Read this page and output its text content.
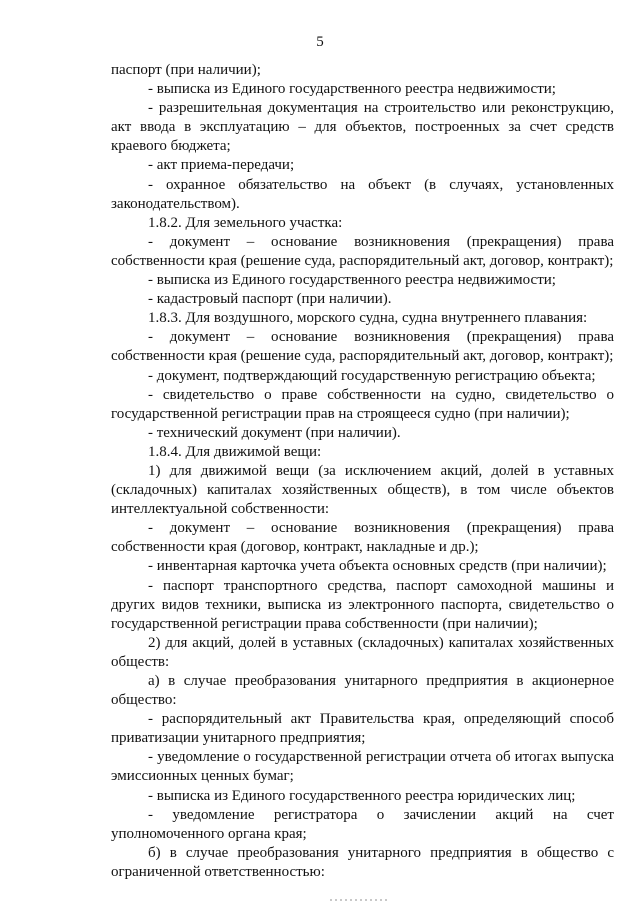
5

паспорт (при наличии);

- выписка из Единого государственного реестра недвижимости;

- разрешительная документация на строительство или реконструкцию, акт ввода в эксплуатацию – для объектов, построенных за счет средств краевого бюджета;

- акт приема-передачи;

- охранное обязательство на объект (в случаях, установленных законодательством).

1.8.2. Для земельного участка:

- документ – основание возникновения (прекращения) права собственности края (решение суда, распорядительный акт, договор, контракт);

- выписка из Единого государственного реестра недвижимости;

- кадастровый паспорт (при наличии).

1.8.3. Для воздушного, морского судна, судна внутреннего плавания:

- документ – основание возникновения (прекращения) права собственности края (решение суда, распорядительный акт, договор, контракт);

- документ, подтверждающий государственную регистрацию объекта;

- свидетельство о праве собственности на судно, свидетельство о государственной регистрации прав на строящееся судно (при наличии);

- технический документ (при наличии).

1.8.4. Для движимой вещи:

1) для движимой вещи (за исключением акций, долей в уставных (складочных) капиталах хозяйственных обществ), в том числе объектов интеллектуальной собственности:

- документ – основание возникновения (прекращения) права собственности края (договор, контракт, накладные и др.);

- инвентарная карточка учета объекта основных средств (при наличии);

- паспорт транспортного средства, паспорт самоходной машины и других видов техники, выписка из электронного паспорта, свидетельство о государственной регистрации права собственности (при наличии);

2) для акций, долей в уставных (складочных) капиталах хозяйственных обществ:

а) в случае преобразования унитарного предприятия в акционерное общество:

- распорядительный акт Правительства края, определяющий способ приватизации унитарного предприятия;

- уведомление о государственной регистрации отчета об итогах выпуска эмиссионных ценных бумаг;

- выписка из Единого государственного реестра юридических лиц;

- уведомление регистратора о зачислении акций на счет уполномоченного органа края;

б) в случае преобразования унитарного предприятия в общество с ограниченной ответственностью:
